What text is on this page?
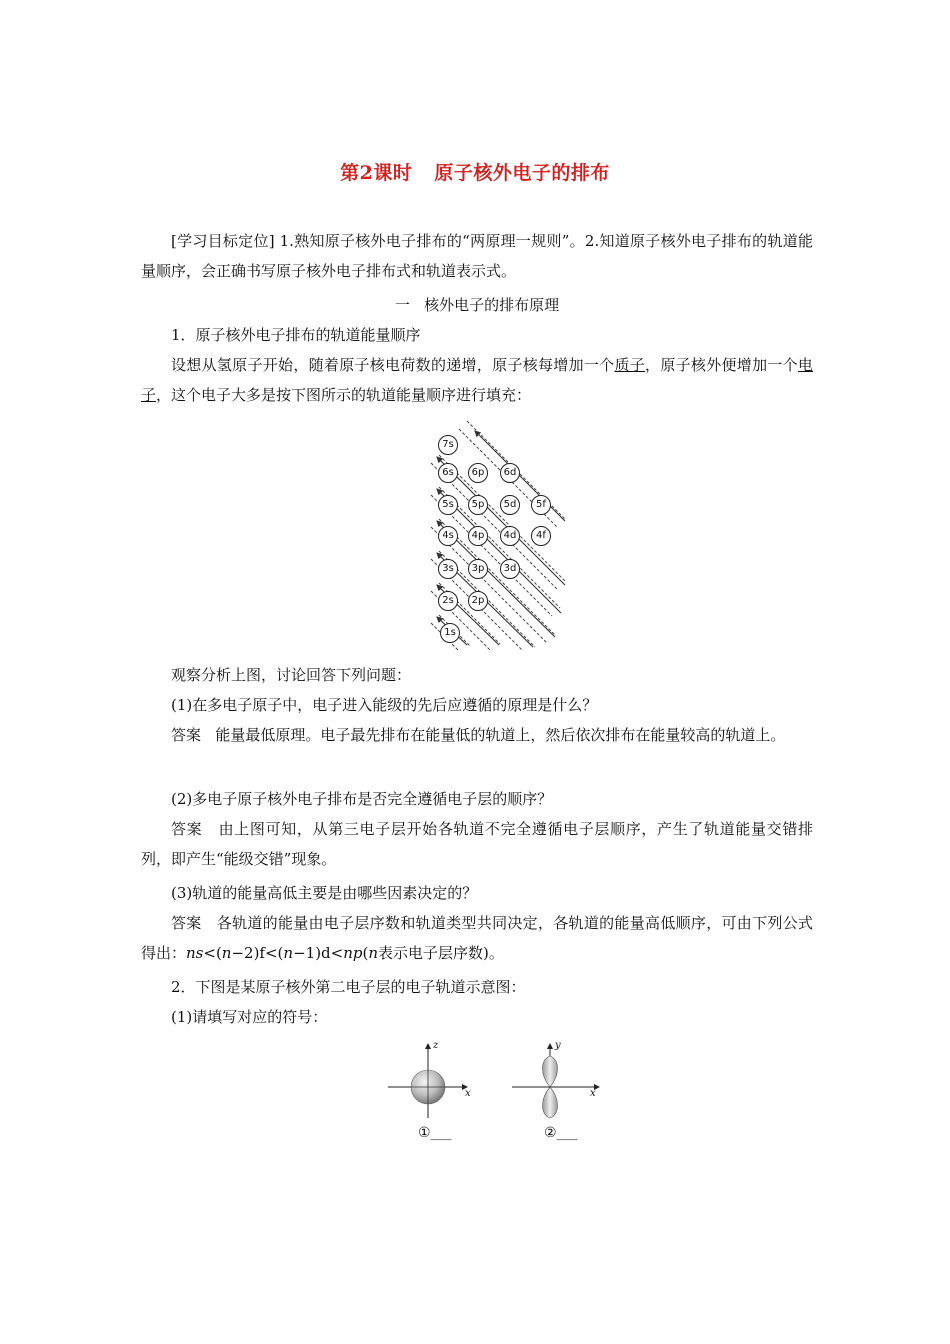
第2课时 原子核外电子的排布
[学习目标定位] 1.熟知原子核外电子排布的“两原理一规则”。2.知道原子核外电子排布的轨道能量顺序，会正确书写原子核外电子排布式和轨道表示式。
一 核外电子的排布原理
1．原子核外电子排布的轨道能量顺序
设想从氢原子开始，随着原子核电荷数的递增，原子核每增加一个质子，原子核外便增加一个电子，这个电子大多是按下图所示的轨道能量顺序进行填充：
7s
6s	6p	6d
5s	5p	5d	5f
4s	4p	4d	4f
3s	3p	3d
2s	2p
1s
观察分析上图，讨论回答下列问题：
(1)在多电子原子中，电子进入能级的先后应遵循的原理是什么？
答案 能量最低原理。电子最先排布在能量低的轨道上，然后依次排布在能量较高的轨道上。
(2)多电子原子核外电子排布是否完全遵循电子层的顺序？
答案 由上图可知，从第三电子层开始各轨道不完全遵循电子层顺序，产生了轨道能量交错排列，即产生“能级交错”现象。
(3)轨道的能量高低主要是由哪些因素决定的？
答案 各轨道的能量由电子层序数和轨道类型共同决定，各轨道的能量高低顺序，可由下列公式得出：ns<(n−2)f<(n−1)d<np(n表示电子层序数)。
2．下图是某原子核外第二电子层的电子轨道示意图：
(1)请填写对应的符号：
z
x
y
x
①___	②___
